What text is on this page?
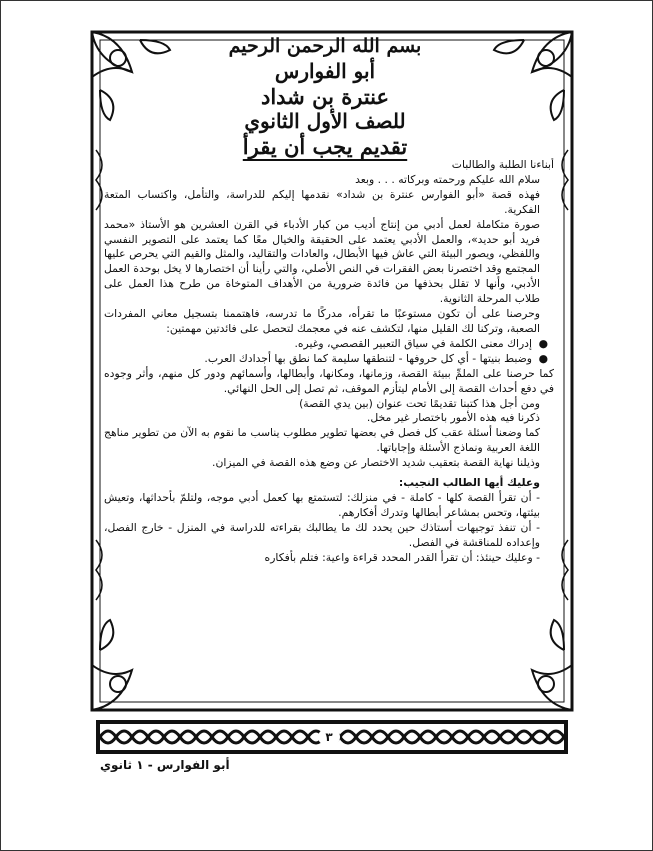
٣
بسم الله الرحمن الرحيم
أبو الفوارس
عنترة بن شداد
للصف الأول الثانوي
تقديم يجب أن يقرأ

أبناءنا الطلبة والطالبات

سلام الله عليكم ورحمته وبركاته . . . وبعد

فهذه قصة «أبو الفوارس عنترة بن شداد» نقدمها إليكم للدراسة، والتأمل، واكتساب المتعة الفكرية.

صورة متكاملة لعمل أدبي من إنتاج أديب من كبار الأدباء في القرن العشرين هو الأستاذ «محمد فريد أبو حديد»، والعمل الأدبي يعتمد على الحقيقة والخيال معًا كما يعتمد على التصوير النفسي واللفظي، ويصور البيئة التي عاش فيها الأبطال، والعادات والتقاليد، والمثل والقيم التي يحرص عليها المجتمع وقد اختصرنا بعض الفقرات في النص الأصلي، والتي رأينا أن اختصارها لا يخل بوحدة العمل الأدبي، وأنها لا تقلل بحذفها من فائدة ضرورية من الأهداف المتوخاة من طرح هذا العمل على طلاب المرحلة الثانوية.

وحرصنا على أن تكون مستوعبًا ما تقرأه، مدركًا ما تدرسه، فاهتممنا بتسجيل معاني المفردات الصعبة، وتركنا لك القليل منها، لتكشف عنه في معجمك لتحصل على فائدتين مهمتين:

●
إدراك معنى الكلمة في سياق التعبير القصصي، وغيره.

●
وضبط بنيتها - أي كل حروفها - لتنطقها سليمة كما نطق بها أجدادك العرب.

كما حرصنا على الملمِّ ببيئة القصة، وزمانها، ومكانها، وأبطالها، وأسمائهم ودور كل منهم، وأثر وجوده في دفع أحداث القصة إلى الأمام ليتأزم الموقف، ثم تصل إلى الحل النهائي.

ومن أجل هذا كتبنا تقديمًا تحت عنوان (بين يدي القصة)

ذكرنا فيه هذه الأمور باختصار غير مخل.

كما وضعنا أسئلة عقب كل فصل في بعضها تطوير مطلوب يناسب ما نقوم به الآن من تطوير مناهج اللغة العربية ونماذج الأسئلة وإجاباتها.

وذيلنا نهاية القصة بتعقيب شديد الاختصار عن وضع هذه القصة في الميزان.

وعليك أيها الطالب النجيب:

- أن تقرأ القصة كلها - كاملة - في منزلك: لتستمتع بها كعمل أدبي موجه، ولتلمّ بأحداثها، وتعيش بيئتها، وتحس بمشاعر أبطالها وتدرك أفكارهم.

- أن تنفذ توجيهات أستاذك حين يحدد لك ما يطالبك بقراءته للدراسة في المنزل - خارج الفصل، وإعداده للمناقشة في الفصل.

- وعليك حينئذ: أن تقرأ القدر المحدد قراءة واعية: فتلم بأفكاره

أبو الفوارس - ١ ثانوي
